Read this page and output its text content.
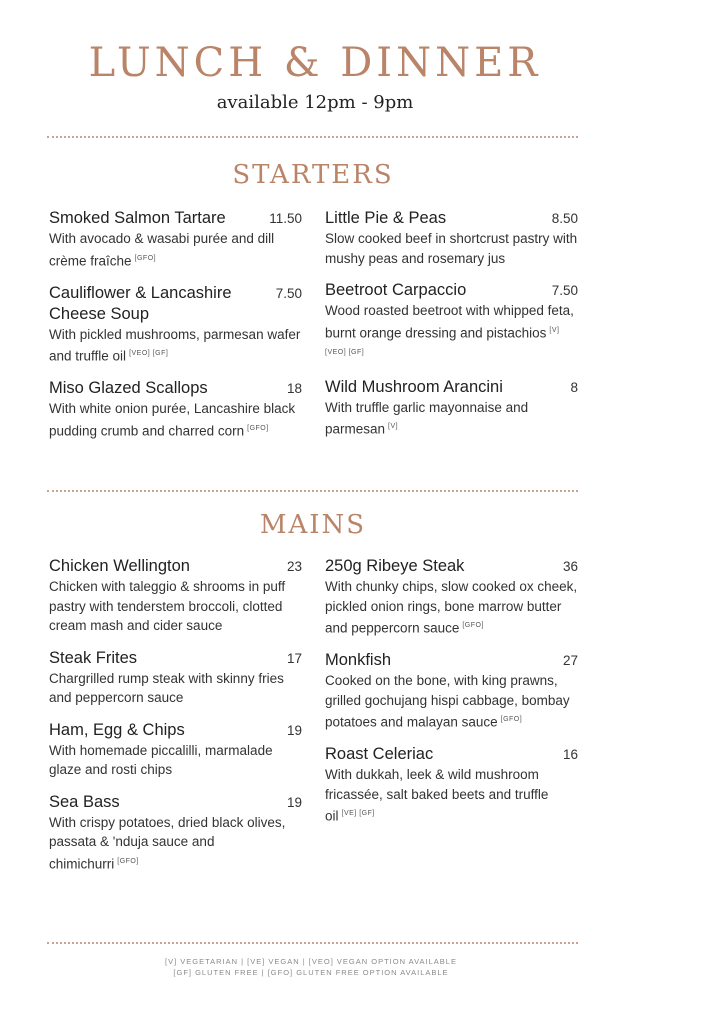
LUNCH & DINNER
available 12pm - 9pm
STARTERS
Smoked Salmon Tartare	11.50
With avocado & wasabi purée and dill crème fraîche [GFO]
Cauliflower & Lancashire Cheese Soup
7.50
With pickled mushrooms, parmesan wafer and truffle oil [VEO] [GF]
Miso Glazed Scallops	18
With white onion purée, Lancashire black pudding crumb and charred corn [GFO]
Little Pie & Peas	8.50
Slow cooked beef in shortcrust pastry with mushy peas and rosemary jus
Beetroot Carpaccio	7.50
Wood roasted beetroot with whipped feta, burnt orange dressing and pistachios [V] [VEO] [GF]
Wild Mushroom Arancini	8
With truffle garlic mayonnaise and parmesan [V]
MAINS
Chicken Wellington	23
Chicken with taleggio & shrooms in puff pastry with tenderstem broccoli, clotted cream mash and cider sauce
Steak Frites	17
Chargrilled rump steak with skinny fries and peppercorn sauce
Ham, Egg & Chips	19
With homemade piccalilli, marmalade glaze and rosti chips
Sea Bass	19
With crispy potatoes, dried black olives, passata & 'nduja sauce and chimichurri [GFO]
250g Ribeye Steak	36
With chunky chips, slow cooked ox cheek, pickled onion rings, bone marrow butter and peppercorn sauce [GFO]
Monkfish	27
Cooked on the bone, with king prawns, grilled gochujang hispi cabbage, bombay potatoes and malayan sauce [GFO]
Roast Celeriac	16
With dukkah, leek & wild mushroom fricassée, salt baked beets and truffle oil [VE] [GF]
[V] VEGETARIAN | [VE] VEGAN | [VEO] VEGAN OPTION AVAILABLE
[GF] GLUTEN FREE | [GFO] GLUTEN FREE OPTION AVAILABLE
